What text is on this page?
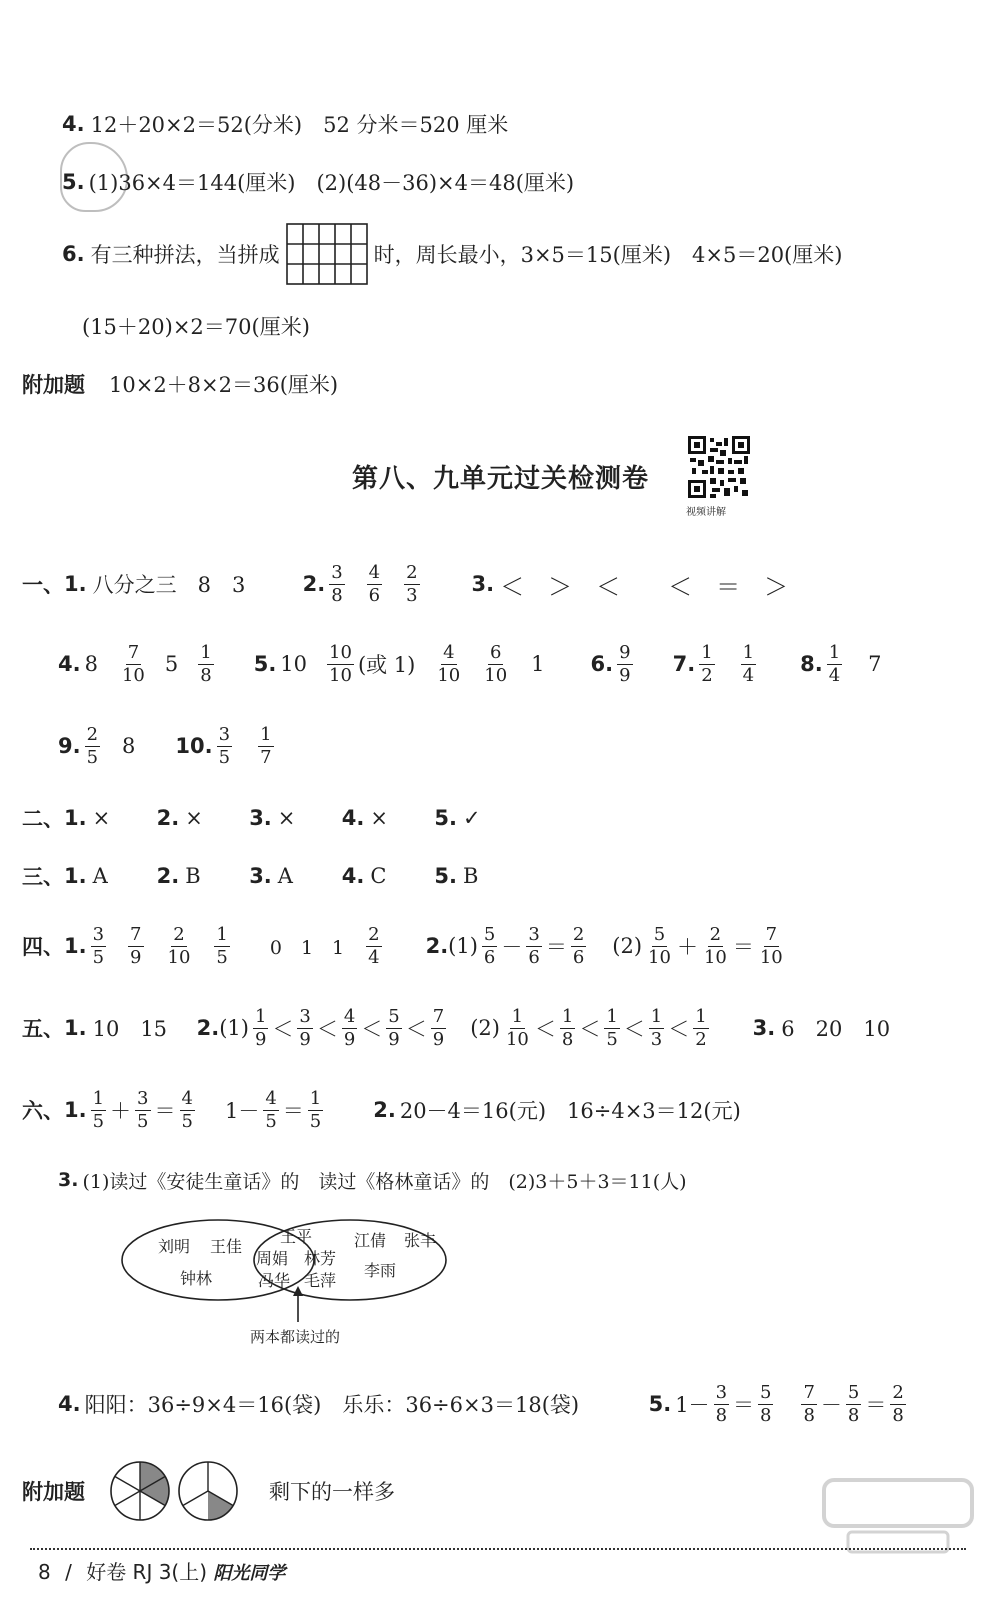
4. 12＋20×2＝52(分米)　52 分米＝520 厘米
5. (1)36×4＝144(厘米)　(2)(48－36)×4＝48(厘米)
6. 有三种拼法，当拼成	时，周长最小，3×5＝15(厘米)　4×5＝20(厘米)
(15＋20)×2＝70(厘米)
附加题 10×2＋8×2＝36(厘米)
第八、九单元过关检测卷
视频讲解
一、 1. 八分之三　8　3	2. $\frac{3}{8} \frac{4}{6} \frac{2}{3} 3$. ＜　＞　＜　　＜　＝　＞
4. $8 \frac{7}{10} 5 \frac{1}{8} 5$. $10 \frac{10}{10}$ (或 $1) \frac{4}{10} \frac{6}{10} 1$ 6. $\frac{9}{9} 7$. $\frac{1}{2} \frac{1}{4} 8$. $\frac{1}{4} 7$
9. $\frac{2}{5} 8$ 10. $\frac{3}{5} \frac{1}{7}$
二、 1. ×	2. ×	3. ×	4. ×	5. ✓
三、 1. A	2. B	3. A	4. C	5. B
四、 1. $\frac{3}{5} \frac{7}{9} \frac{2}{10} \frac{1}{5} 0$　1　$1 \frac{2}{4} 2$. $(1) \frac{5}{6} - \frac{3}{6} = \frac{2}{6} (2) \frac{5}{10} + \frac{2}{10} = \frac{7}{10}$
五、 1. 10　15	2. $(1) \frac{1}{9} < \frac{3}{9} < \frac{4}{9} < \frac{5}{9} < \frac{7}{9} (2) \frac{1}{10} < \frac{1}{8} < \frac{1}{5} < \frac{1}{3} < \frac{1}{2} 3$. 6　20　10
六、 1. $\frac{1}{5} + \frac{3}{5} = \frac{4}{5} 1- \frac{4}{5} = \frac{1}{5} 2$. 20－4＝16(元)　16÷4×3＝12(元)
3. (1)读过《安徒生童话》的　读过《格林童话》的　(2)3＋5＋3＝11(人)
刘明 王佳
钟林
王平
周娟 林芳
冯华 毛萍
江倩 张丰
李雨
两本都读过的
4. 阳阳：36÷9×4＝16(袋)　乐乐：36÷6×3＝18(袋)	5. $1- \frac{3}{8} = \frac{5}{8} \frac{7}{8} - \frac{5}{8} = \frac{2}{8}$
附加题	剩下的一样多
8 / 好卷 RJ 3(上) 阳光同学
